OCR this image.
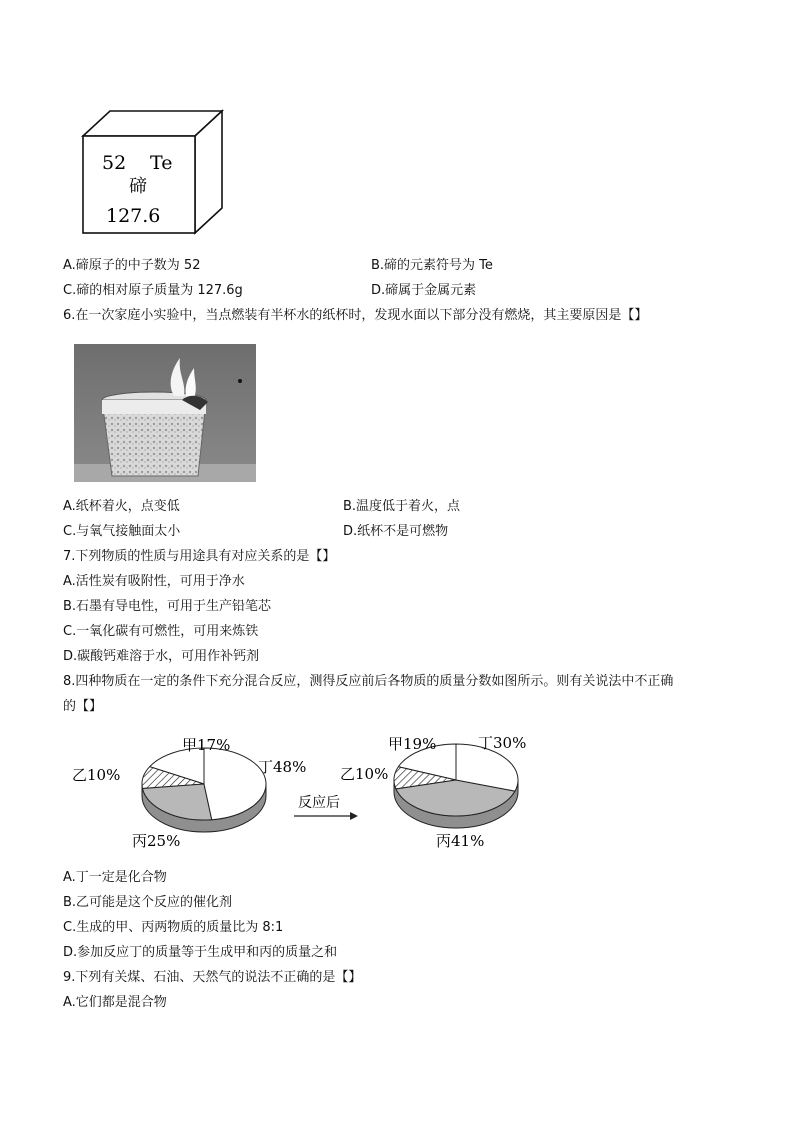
52 Te
碲
127.6
A.碲原子的中子数为 52	B.碲的元素符号为 Te
C.碲的相对原子质量为 127.6g	D.碲属于金属元素
6.在一次家庭小实验中，当点燃装有半杯水的纸杯时，发现水面以下部分没有燃烧，其主要原因是【】
A.纸杯着火，点变低	B.温度低于着火，点
C.与氧气接触面太小	D.纸杯不是可燃物
7.下列物质的性质与用途具有对应关系的是【】
A.活性炭有吸附性，可用于净水
B.石墨有导电性，可用于生产铅笔芯
C.一氧化碳有可燃性，可用来炼铁
D.碳酸钙难溶于水，可用作补钙剂
8.四种物质在一定的条件下充分混合反应，测得反应前后各物质的质量分数如图所示。则有关说法中不正确
的【】
甲17%
乙10%
丙25%
丁48%
甲19%
乙10%
丙41%
丁30%
反应后
A.丁一定是化合物
B.乙可能是这个反应的催化剂
C.生成的甲、丙两物质的质量比为 8:1
D.参加反应丁的质量等于生成甲和丙的质量之和
9.下列有关煤、石油、天然气的说法不正确的是【】
A.它们都是混合物
